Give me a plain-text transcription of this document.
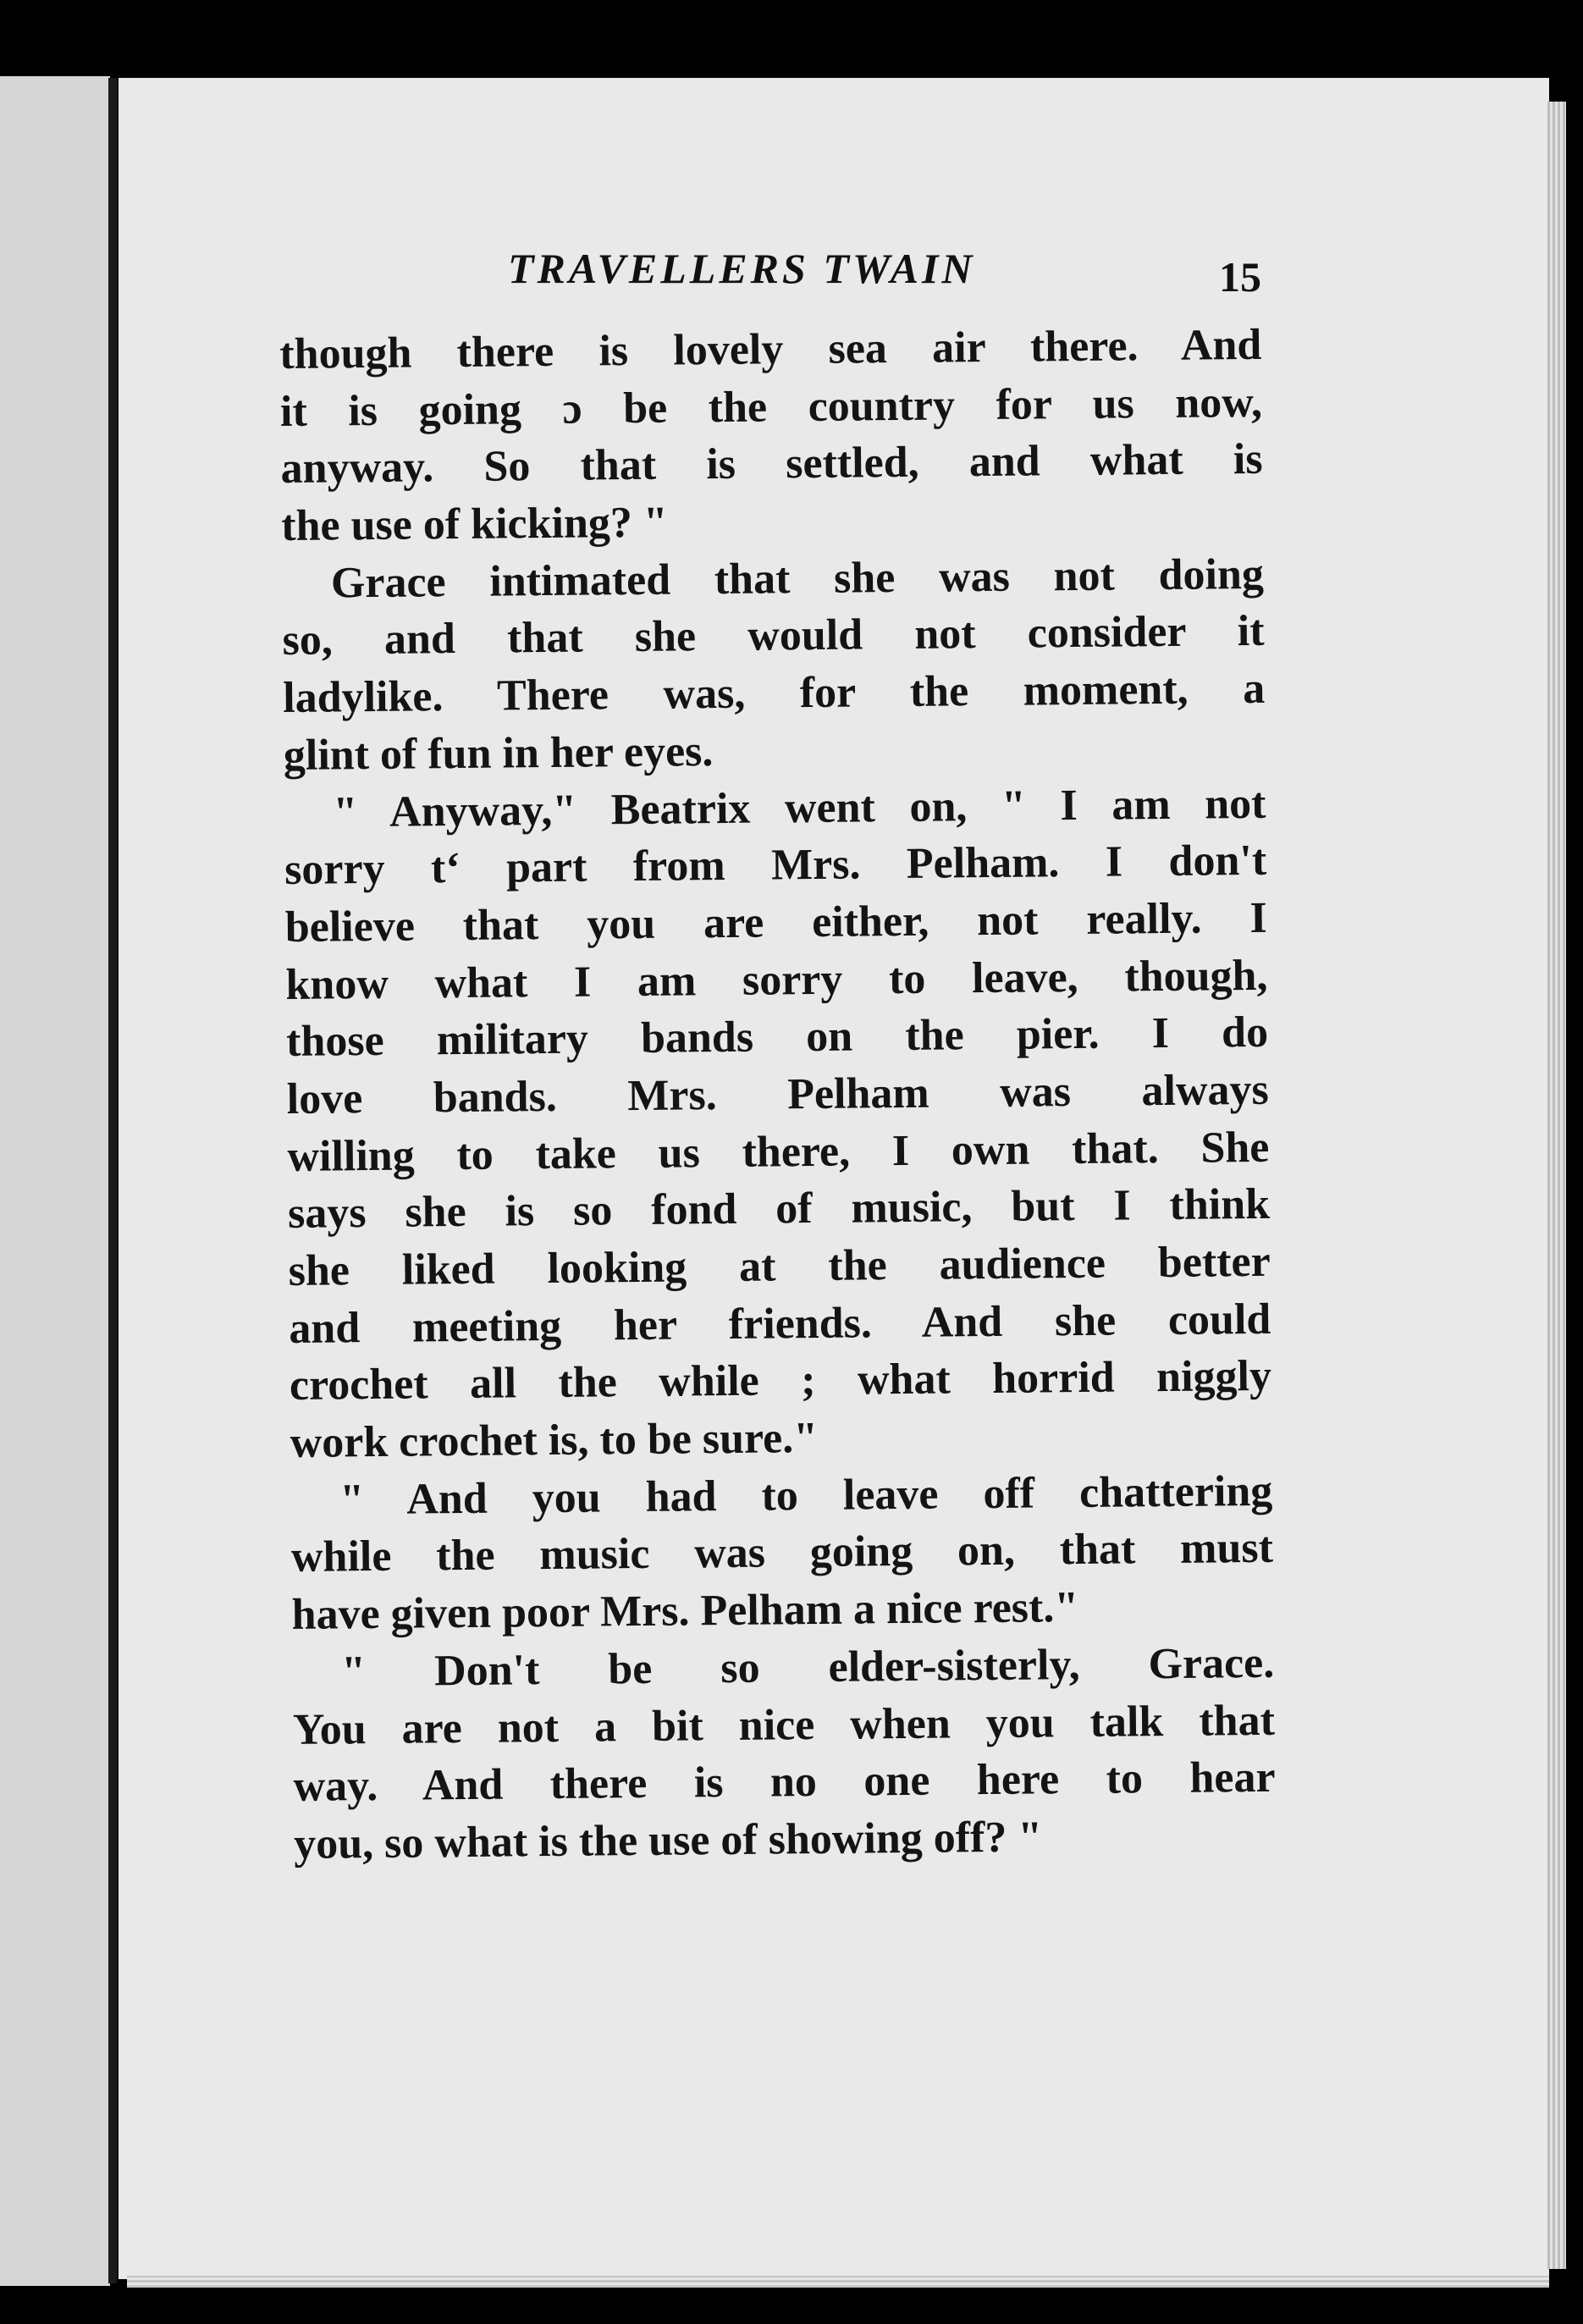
TRAVELLERS TWAIN	15
though there is lovely sea air there. And
it is going ɔ be the country for us now,
anyway. So that is settled, and what is
the use of kicking? "
Grace intimated that she was not doing
so, and that she would not consider it
ladylike. There was, for the moment, a
glint of fun in her eyes.
" Anyway," Beatrix went on, " I am not
sorry t‘ part from Mrs. Pelham. I don't
believe that you are either, not really. I
know what I am sorry to leave, though,
those military bands on the pier. I do
love bands. Mrs. Pelham was always
willing to take us there, I own that. She
says she is so fond of music, but I think
she liked looking at the audience better
and meeting her friends. And she could
crochet all the while ; what horrid niggly
work crochet is, to be sure."
" And you had to leave off chattering
while the music was going on, that must
have given poor Mrs. Pelham a nice rest."
" Don't be so elder-sisterly, Grace.
You are not a bit nice when you talk that
way. And there is no one here to hear
you, so what is the use of showing off? "
